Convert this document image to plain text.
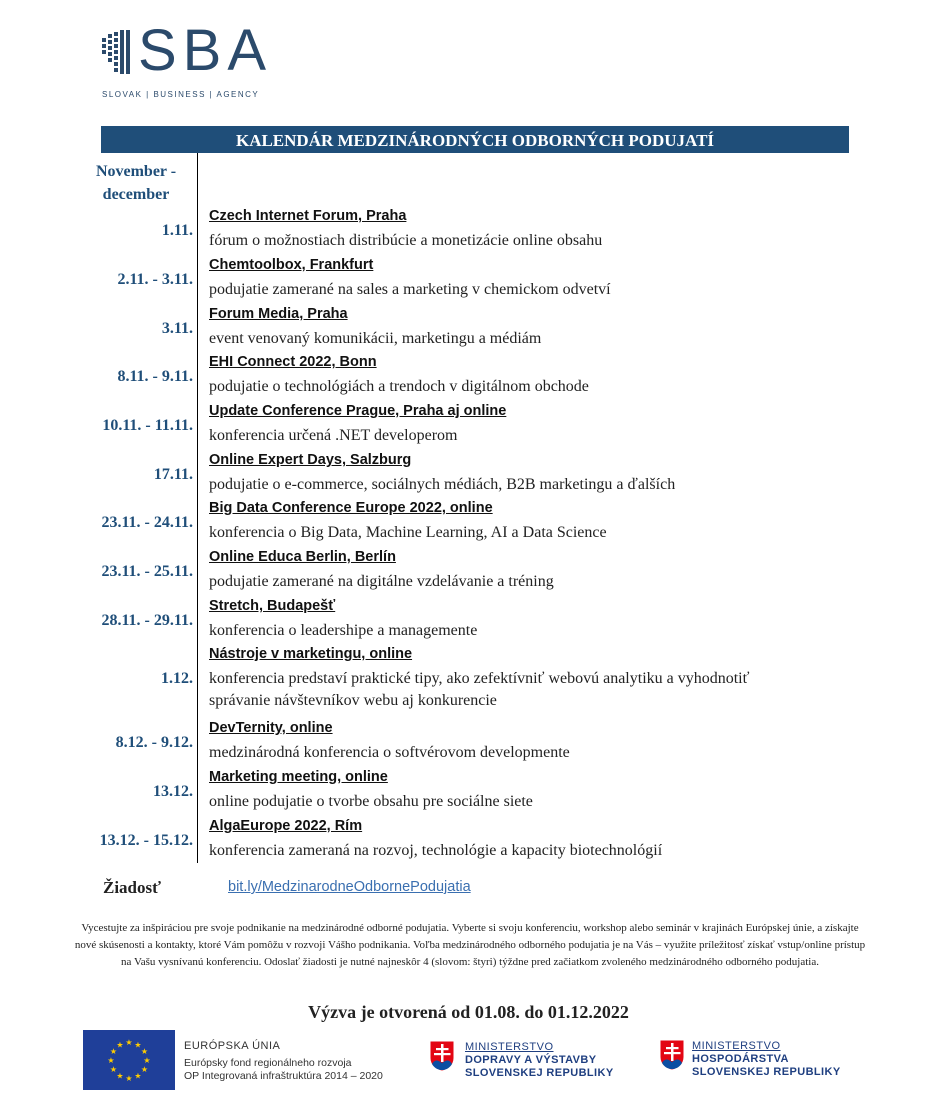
SBA
SLOVAK | BUSINESS | AGENCY
KALENDÁR MEDZINÁRODNÝCH ODBORNÝCH PODUJATÍ
November -
december
1.11.
Czech Internet Forum, Praha
fórum o možnostiach distribúcie a monetizácie online obsahu
2.11. - 3.11.
Chemtoolbox, Frankfurt
podujatie zamerané na sales a marketing v chemickom odvetví
3.11.
Forum Media, Praha
event venovaný komunikácii, marketingu a médiám
8.11. - 9.11.
EHI Connect 2022, Bonn
podujatie o technológiách a trendoch v digitálnom obchode
10.11. - 11.11.
Update Conference Prague, Praha aj online
konferencia určená .NET developerom
17.11.
Online Expert Days, Salzburg
podujatie o e-commerce, sociálnych médiách, B2B marketingu a ďalších
23.11. - 24.11.
Big Data Conference Europe 2022, online
konferencia o Big Data, Machine Learning, AI a Data Science
23.11. - 25.11.
Online Educa Berlin, Berlín
podujatie zamerané na digitálne vzdelávanie a tréning
28.11. - 29.11.
Stretch, Budapešť
konferencia o leadershipe a managemente
1.12.
Nástroje v marketingu, online
konferencia predstaví praktické tipy, ako zefektívniť webovú analytiku a vyhodnotiť
správanie návštevníkov webu aj konkurencie
8.12. - 9.12.
DevTernity, online
medzinárodná konferencia o softvérovom developmente
13.12.
Marketing meeting, online
online podujatie o tvorbe obsahu pre sociálne siete
13.12. - 15.12.
AlgaEurope 2022, Rím
konferencia zameraná na rozvoj, technológie a kapacity biotechnológií
Žiadosť	bit.ly/MedzinarodneOdbornePodujatia
Vycestujte za inšpiráciou pre svoje podnikanie na medzinárodné odborné podujatia. Vyberte si svoju konferenciu, workshop alebo seminár v krajinách Európskej únie, a získajte nové skúsenosti a kontakty, ktoré Vám pomôžu v rozvoji Vášho podnikania. Voľba medzinárodného odborného podujatia je na Vás – využite príležitosť získať vstup/online prístup na Vašu vysnívanú konferenciu. Odoslať žiadosti je nutné najneskôr 4 (slovom: štyri) týždne pred začiatkom zvoleného medzinárodného odborného podujatia.
Výzva je otvorená od 01.08. do 01.12.2022
★ ★
★
★
★
★
★
★
★
★
★
★	EURÓPSKA ÚNIA
Európsky fond regionálneho rozvoja
OP Integrovaná infraštruktúra 2014 – 2020
MINISTERSTVO
DOPRAVY A VÝSTAVBY
SLOVENSKEJ REPUBLIKY
MINISTERSTVO
HOSPODÁRSTVA
SLOVENSKEJ REPUBLIKY
